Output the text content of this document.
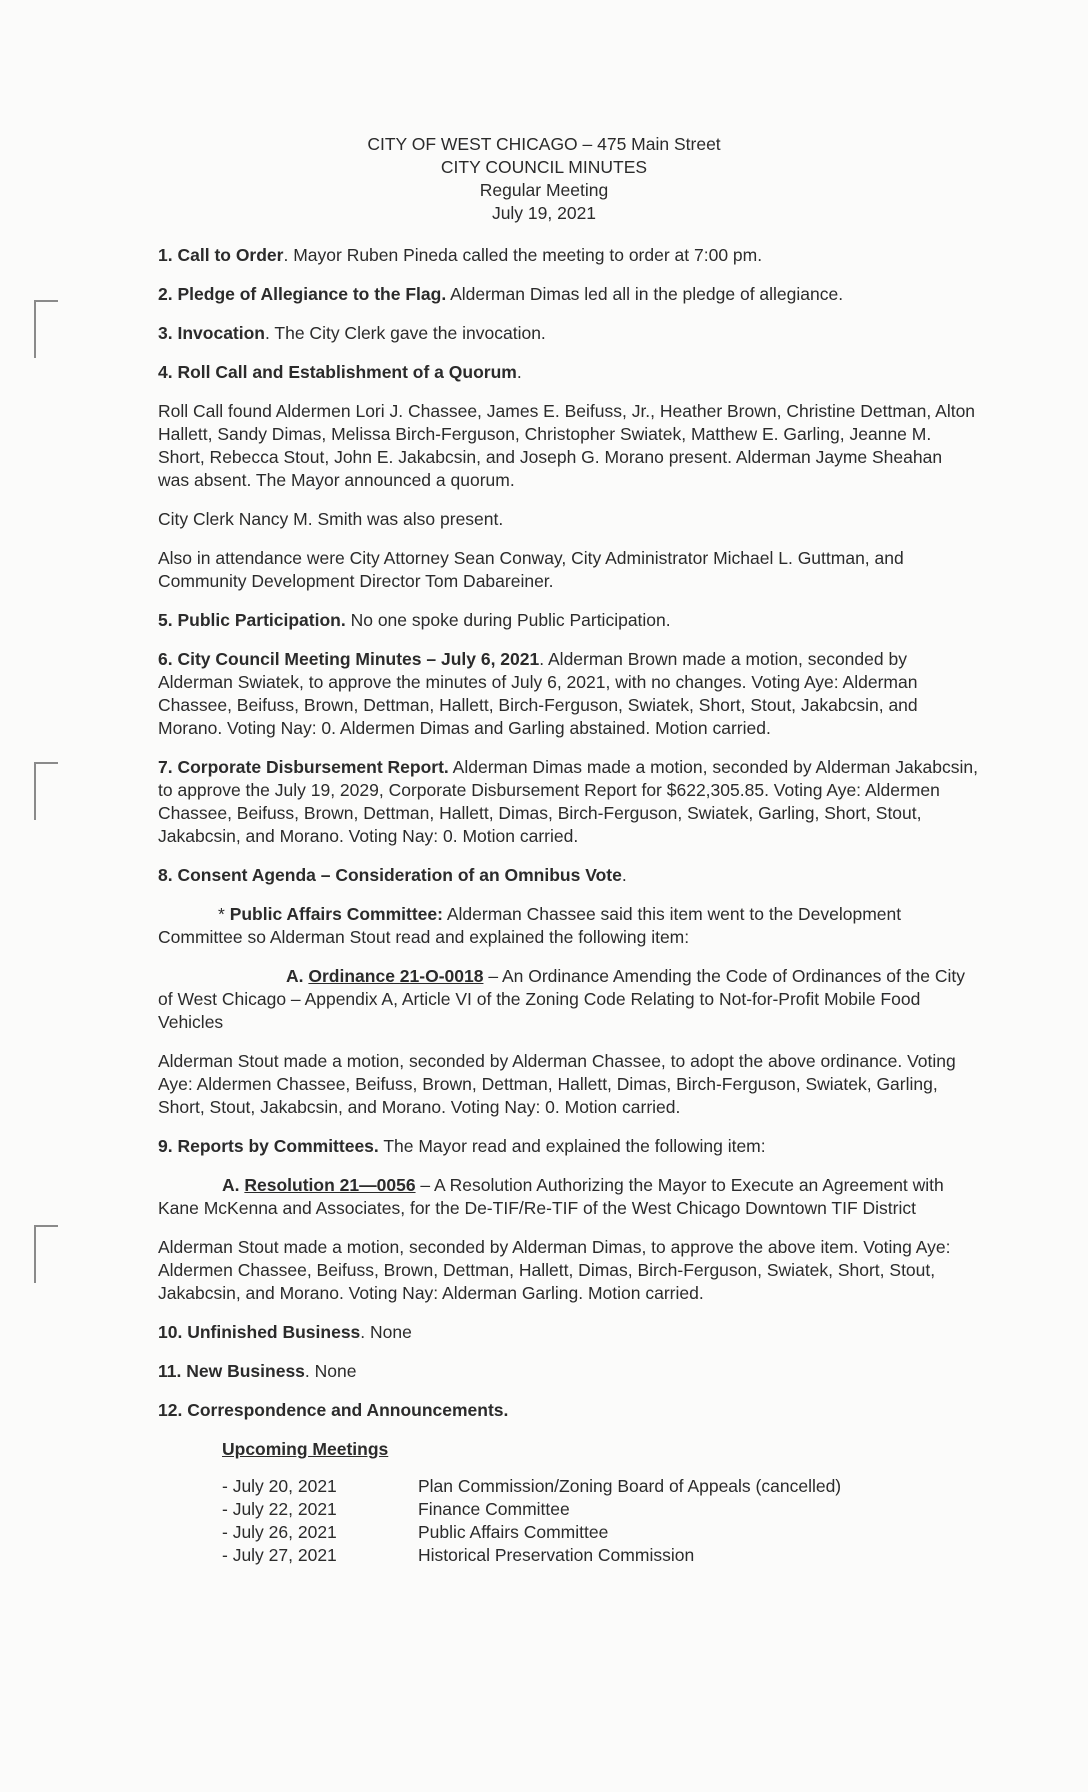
CITY OF WEST CHICAGO – 475 Main Street
CITY COUNCIL MINUTES
Regular Meeting
July 19, 2021

1. Call to Order. Mayor Ruben Pineda called the meeting to order at 7:00 pm.

2. Pledge of Allegiance to the Flag. Alderman Dimas led all in the pledge of allegiance.

3. Invocation. The City Clerk gave the invocation.

4. Roll Call and Establishment of a Quorum.

Roll Call found Aldermen Lori J. Chassee, James E. Beifuss, Jr., Heather Brown, Christine Dettman, Alton Hallett, Sandy Dimas, Melissa Birch-Ferguson, Christopher Swiatek, Matthew E. Garling, Jeanne M. Short, Rebecca Stout, John E. Jakabcsin, and Joseph G. Morano present. Alderman Jayme Sheahan was absent. The Mayor announced a quorum.

City Clerk Nancy M. Smith was also present.

Also in attendance were City Attorney Sean Conway, City Administrator Michael L. Guttman, and Community Development Director Tom Dabareiner.

5. Public Participation. No one spoke during Public Participation.

6. City Council Meeting Minutes – July 6, 2021. Alderman Brown made a motion, seconded by Alderman Swiatek, to approve the minutes of July 6, 2021, with no changes. Voting Aye: Alderman Chassee, Beifuss, Brown, Dettman, Hallett, Birch-Ferguson, Swiatek, Short, Stout, Jakabcsin, and Morano. Voting Nay: 0. Aldermen Dimas and Garling abstained. Motion carried.

7. Corporate Disbursement Report. Alderman Dimas made a motion, seconded by Alderman Jakabcsin, to approve the July 19, 2029, Corporate Disbursement Report for $622,305.85. Voting Aye: Aldermen Chassee, Beifuss, Brown, Dettman, Hallett, Dimas, Birch-Ferguson, Swiatek, Garling, Short, Stout, Jakabcsin, and Morano. Voting Nay: 0. Motion carried.

8. Consent Agenda – Consideration of an Omnibus Vote.

* Public Affairs Committee: Alderman Chassee said this item went to the Development Committee so Alderman Stout read and explained the following item:

A. Ordinance 21-O-0018 – An Ordinance Amending the Code of Ordinances of the City of West Chicago – Appendix A, Article VI of the Zoning Code Relating to Not-for-Profit Mobile Food Vehicles

Alderman Stout made a motion, seconded by Alderman Chassee, to adopt the above ordinance. Voting Aye: Aldermen Chassee, Beifuss, Brown, Dettman, Hallett, Dimas, Birch-Ferguson, Swiatek, Garling, Short, Stout, Jakabcsin, and Morano. Voting Nay: 0. Motion carried.

9. Reports by Committees. The Mayor read and explained the following item:

A. Resolution 21—0056 – A Resolution Authorizing the Mayor to Execute an Agreement with Kane McKenna and Associates, for the De-TIF/Re-TIF of the West Chicago Downtown TIF District

Alderman Stout made a motion, seconded by Alderman Dimas, to approve the above item. Voting Aye: Aldermen Chassee, Beifuss, Brown, Dettman, Hallett, Dimas, Birch-Ferguson, Swiatek, Short, Stout, Jakabcsin, and Morano. Voting Nay: Alderman Garling. Motion carried.

10. Unfinished Business. None

11. New Business. None

12. Correspondence and Announcements.

Upcoming Meetings
- July 20, 2021	Plan Commission/Zoning Board of Appeals (cancelled)
- July 22, 2021	Finance Committee
- July 26, 2021	Public Affairs Committee
- July 27, 2021	Historical Preservation Commission
